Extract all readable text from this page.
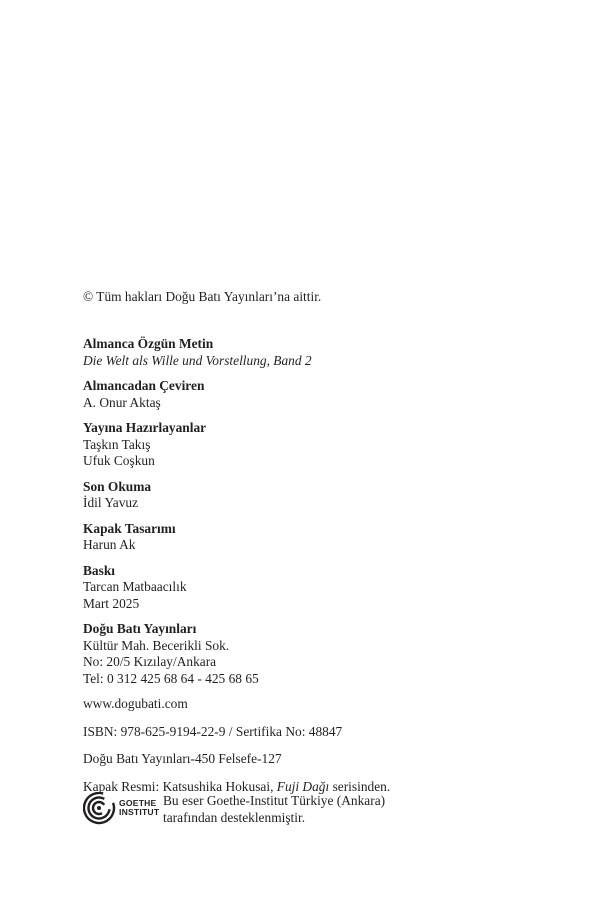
© Tüm hakları Doğu Batı Yayınları’na aittir.
Almanca Özgün Metin
Die Welt als Wille und Vorstellung, Band 2
Almancadan Çeviren
A. Onur Aktaş
Yayına Hazırlayanlar
Taşkın Takış
Ufuk Coşkun
Son Okuma
İdil Yavuz
Kapak Tasarımı
Harun Ak
Baskı
Tarcan Matbaacılık
Mart 2025
Doğu Batı Yayınları
Kültür Mah. Becerikli Sok.
No: 20/5 Kızılay/Ankara
Tel: 0 312 425 68 64 - 425 68 65
www.dogubati.com
ISBN: 978-625-9194-22-9 / Sertifika No: 48847
Doğu Batı Yayınları-450 Felsefe-127
Kapak Resmi: Katsushika Hokusai, Fuji Dağı serisinden.
GOETHE
INSTITUT
Bu eser Goethe-Institut Türkiye (Ankara)
tarafından desteklenmiştir.
